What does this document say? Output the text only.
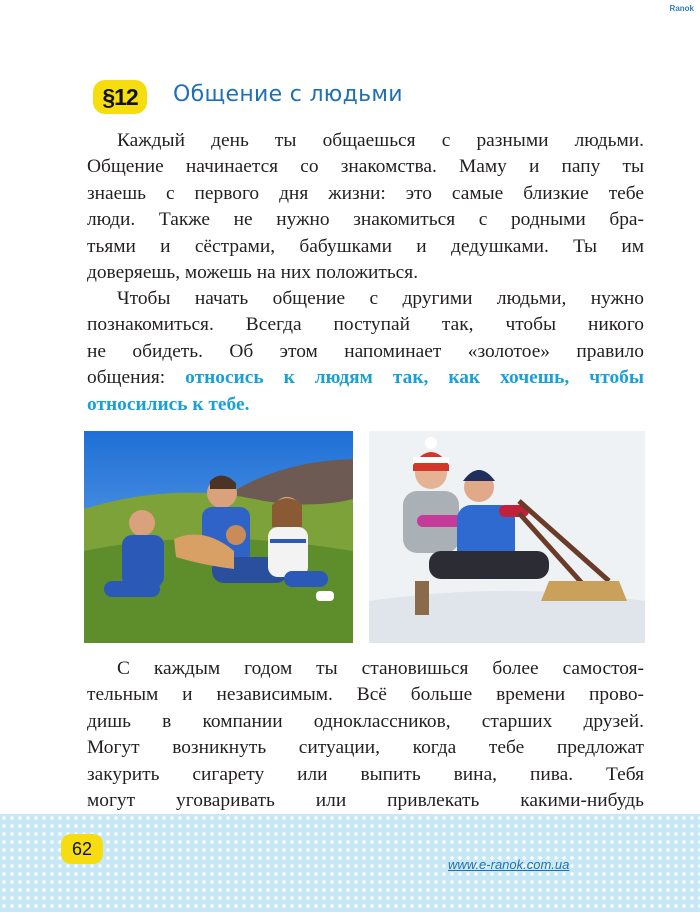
Ranok
§12	Общение с людьми

Каждый день ты общаешься с разными людьми.
Общение начинается со знакомства. Маму и папу ты
знаешь с первого дня жизни: это самые близкие тебе
люди. Также не нужно знакомиться с родными бра-
тьями и сёстрами, бабушками и дедушками. Ты им
доверяешь, можешь на них положиться.

Чтобы начать общение с другими людьми, нужно
познакомиться. Всегда поступай так, чтобы никого
не обидеть. Об этом напоминает «золотое» правило
общения: относись к людям так, как хочешь, чтобы
относились к тебе.

С каждым годом ты становишься более самостоя-
тельным и независимым. Всё больше времени прово-
дишь в компании одноклассников, старших друзей.
Могут возникнуть ситуации, когда тебе предложат
закурить сигарету или выпить вина, пива. Тебя
могут уговаривать или привлекать какими-нибудь

62
www.e-ranok.com.ua
